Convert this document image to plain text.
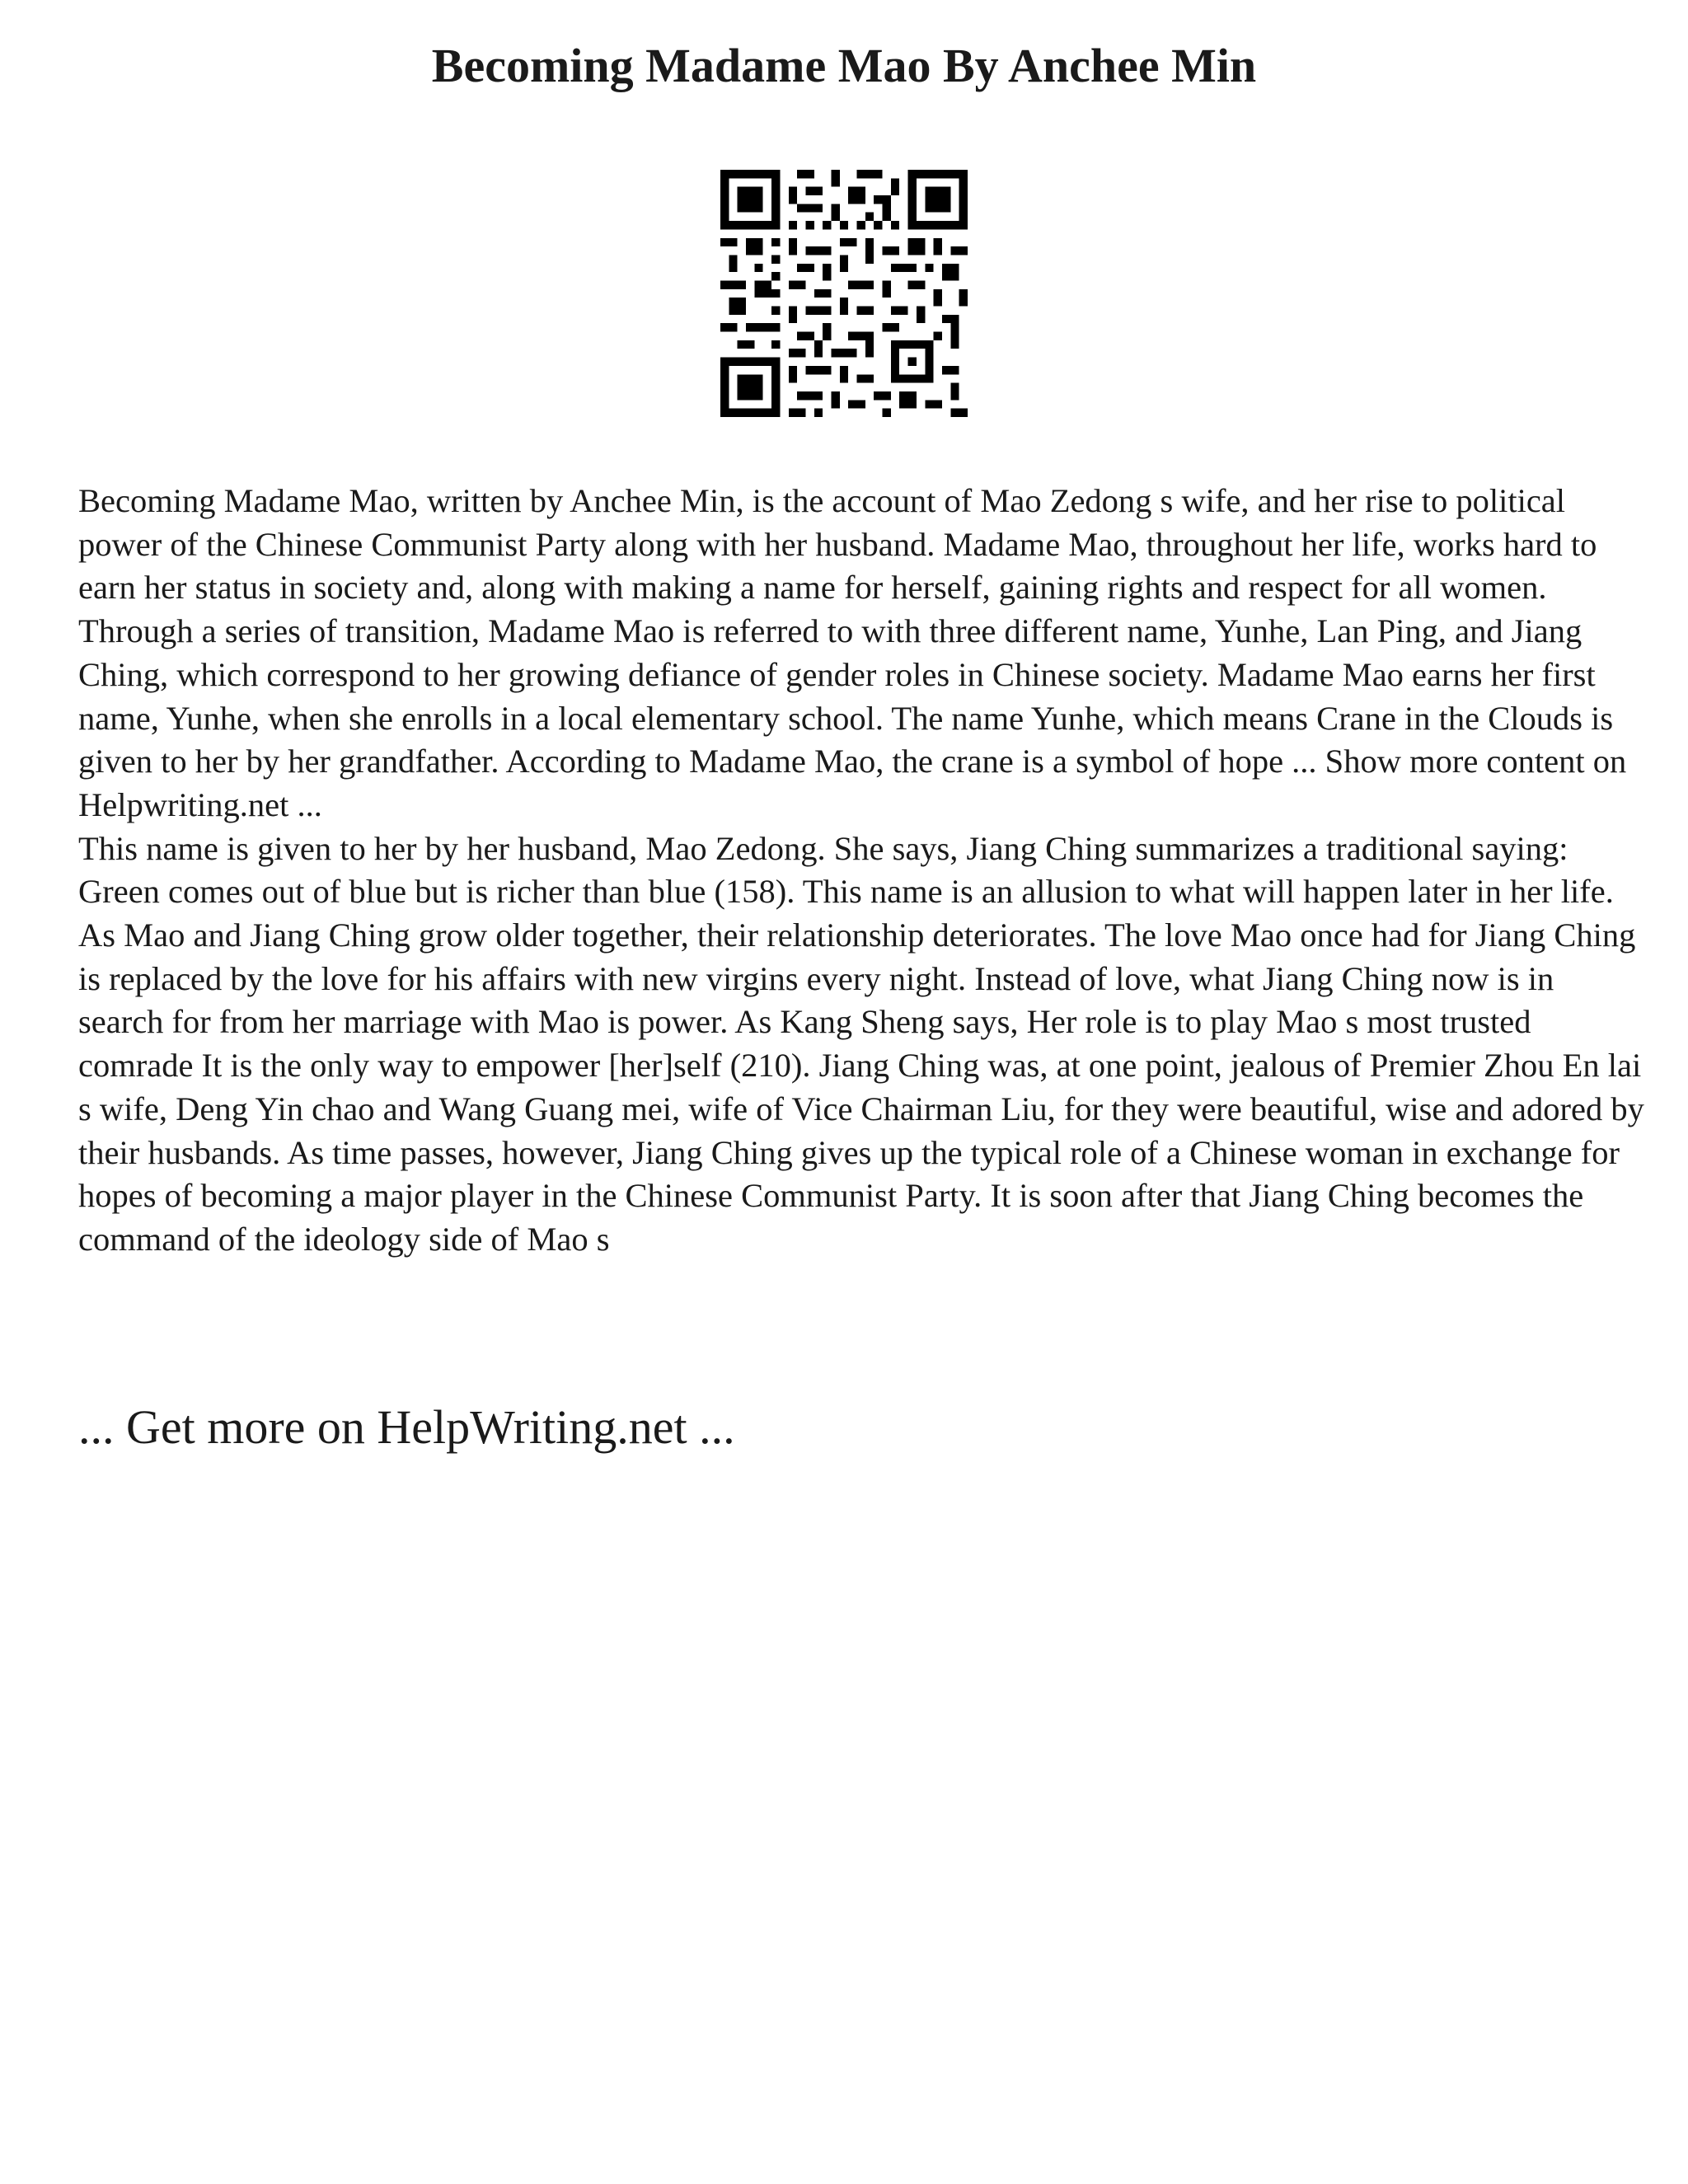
Becoming Madame Mao By Anchee Min

Becoming Madame Mao, written by Anchee Min, is the account of Mao Zedong s wife, and her rise to political power of the Chinese Communist Party along with her husband. Madame Mao, throughout her life, works hard to earn her status in society and, along with making a name for herself, gaining rights and respect for all women. Through a series of transition, Madame Mao is referred to with three different name, Yunhe, Lan Ping, and Jiang Ching, which correspond to her growing defiance of gender roles in Chinese society. Madame Mao earns her first name, Yunhe, when she enrolls in a local elementary school. The name Yunhe, which means Crane in the Clouds is given to her by her grandfather. According to Madame Mao, the crane is a symbol of hope ... Show more content on Helpwriting.net ...

This name is given to her by her husband, Mao Zedong. She says, Jiang Ching summarizes a traditional saying: Green comes out of blue but is richer than blue (158). This name is an allusion to what will happen later in her life. As Mao and Jiang Ching grow older together, their relationship deteriorates. The love Mao once had for Jiang Ching is replaced by the love for his affairs with new virgins every night. Instead of love, what Jiang Ching now is in search for from her marriage with Mao is power. As Kang Sheng says, Her role is to play Mao s most trusted comrade It is the only way to empower [her]self (210). Jiang Ching was, at one point, jealous of Premier Zhou En lai s wife, Deng Yin chao and Wang Guang mei, wife of Vice Chairman Liu, for they were beautiful, wise and adored by their husbands. As time passes, however, Jiang Ching gives up the typical role of a Chinese woman in exchange for hopes of becoming a major player in the Chinese Communist Party. It is soon after that Jiang Ching becomes the command of the ideology side of Mao s

... Get more on HelpWriting.net ...
